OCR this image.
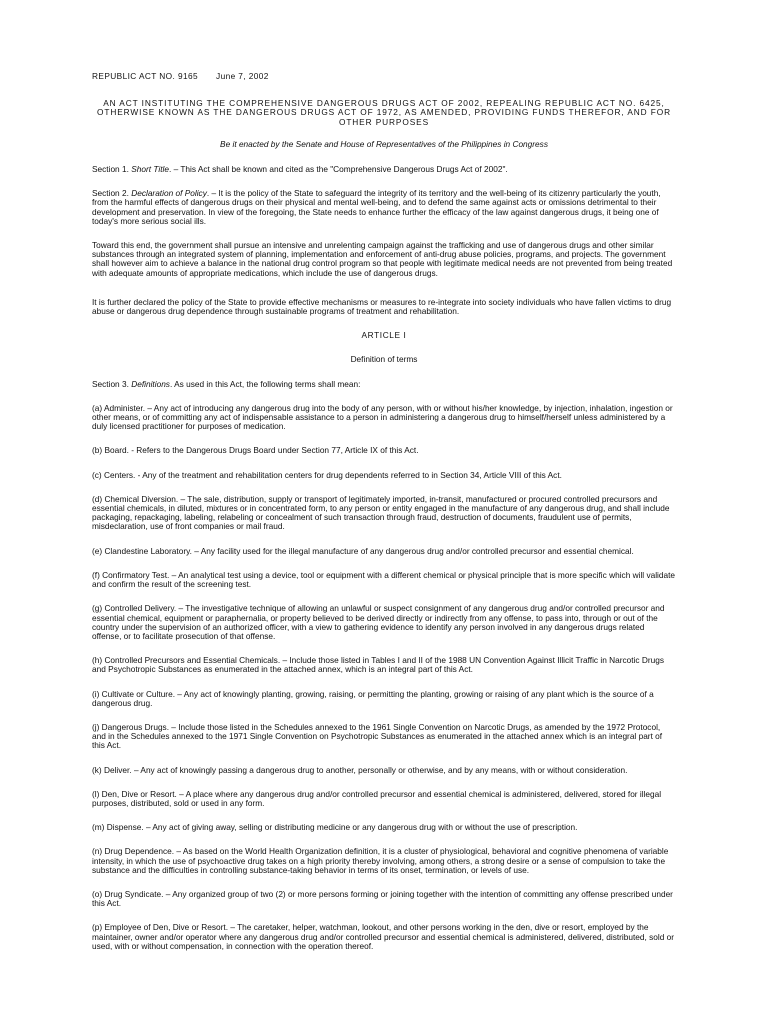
REPUBLIC ACT NO. 9165 June 7, 2002
AN ACT INSTITUTING THE COMPREHENSIVE DANGEROUS DRUGS ACT OF 2002, REPEALING REPUBLIC ACT NO. 6425, OTHERWISE KNOWN AS THE DANGEROUS DRUGS ACT OF 1972, AS AMENDED, PROVIDING FUNDS THEREFOR, AND FOR OTHER PURPOSES
Be it enacted by the Senate and House of Representatives of the Philippines in Congress

Section 1. Short Title. – This Act shall be known and cited as the "Comprehensive Dangerous Drugs Act of 2002".

Section 2. Declaration of Policy. – It is the policy of the State to safeguard the integrity of its territory and the well-being of its citizenry particularly the youth, from the harmful effects of dangerous drugs on their physical and mental well-being, and to defend the same against acts or omissions detrimental to their development and preservation. In view of the foregoing, the State needs to enhance further the efficacy of the law against dangerous drugs, it being one of today's more serious social ills.

Toward this end, the government shall pursue an intensive and unrelenting campaign against the trafficking and use of dangerous drugs and other similar substances through an integrated system of planning, implementation and enforcement of anti-drug abuse policies, programs, and projects. The government shall however aim to achieve a balance in the national drug control program so that people with legitimate medical needs are not prevented from being treated with adequate amounts of appropriate medications, which include the use of dangerous drugs.

It is further declared the policy of the State to provide effective mechanisms or measures to re-integrate into society individuals who have fallen victims to drug abuse or dangerous drug dependence through sustainable programs of treatment and rehabilitation.

ARTICLE I
Definition of terms

Section 3. Definitions. As used in this Act, the following terms shall mean:

(a) Administer. – Any act of introducing any dangerous drug into the body of any person, with or without his/her knowledge, by injection, inhalation, ingestion or other means, or of committing any act of indispensable assistance to a person in administering a dangerous drug to himself/herself unless administered by a duly licensed practitioner for purposes of medication.

(b) Board. - Refers to the Dangerous Drugs Board under Section 77, Article IX of this Act.

(c) Centers. - Any of the treatment and rehabilitation centers for drug dependents referred to in Section 34, Article VIII of this Act.

(d) Chemical Diversion. – The sale, distribution, supply or transport of legitimately imported, in-transit, manufactured or procured controlled precursors and essential chemicals, in diluted, mixtures or in concentrated form, to any person or entity engaged in the manufacture of any dangerous drug, and shall include packaging, repackaging, labeling, relabeling or concealment of such transaction through fraud, destruction of documents, fraudulent use of permits, misdeclaration, use of front companies or mail fraud.

(e) Clandestine Laboratory. – Any facility used for the illegal manufacture of any dangerous drug and/or controlled precursor and essential chemical.

(f) Confirmatory Test. – An analytical test using a device, tool or equipment with a different chemical or physical principle that is more specific which will validate and confirm the result of the screening test.

(g) Controlled Delivery. – The investigative technique of allowing an unlawful or suspect consignment of any dangerous drug and/or controlled precursor and essential chemical, equipment or paraphernalia, or property believed to be derived directly or indirectly from any offense, to pass into, through or out of the country under the supervision of an authorized officer, with a view to gathering evidence to identify any person involved in any dangerous drugs related offense, or to facilitate prosecution of that offense.

(h) Controlled Precursors and Essential Chemicals. – Include those listed in Tables I and II of the 1988 UN Convention Against Illicit Traffic in Narcotic Drugs and Psychotropic Substances as enumerated in the attached annex, which is an integral part of this Act.

(i) Cultivate or Culture. – Any act of knowingly planting, growing, raising, or permitting the planting, growing or raising of any plant which is the source of a dangerous drug.

(j) Dangerous Drugs. – Include those listed in the Schedules annexed to the 1961 Single Convention on Narcotic Drugs, as amended by the 1972 Protocol, and in the Schedules annexed to the 1971 Single Convention on Psychotropic Substances as enumerated in the attached annex which is an integral part of this Act.

(k) Deliver. – Any act of knowingly passing a dangerous drug to another, personally or otherwise, and by any means, with or without consideration.

(l) Den, Dive or Resort. – A place where any dangerous drug and/or controlled precursor and essential chemical is administered, delivered, stored for illegal purposes, distributed, sold or used in any form.

(m) Dispense. – Any act of giving away, selling or distributing medicine or any dangerous drug with or without the use of prescription.

(n) Drug Dependence. – As based on the World Health Organization definition, it is a cluster of physiological, behavioral and cognitive phenomena of variable intensity, in which the use of psychoactive drug takes on a high priority thereby involving, among others, a strong desire or a sense of compulsion to take the substance and the difficulties in controlling substance-taking behavior in terms of its onset, termination, or levels of use.

(o) Drug Syndicate. – Any organized group of two (2) or more persons forming or joining together with the intention of committing any offense prescribed under this Act.

(p) Employee of Den, Dive or Resort. – The caretaker, helper, watchman, lookout, and other persons working in the den, dive or resort, employed by the maintainer, owner and/or operator where any dangerous drug and/or controlled precursor and essential chemical is administered, delivered, distributed, sold or used, with or without compensation, in connection with the operation thereof.
